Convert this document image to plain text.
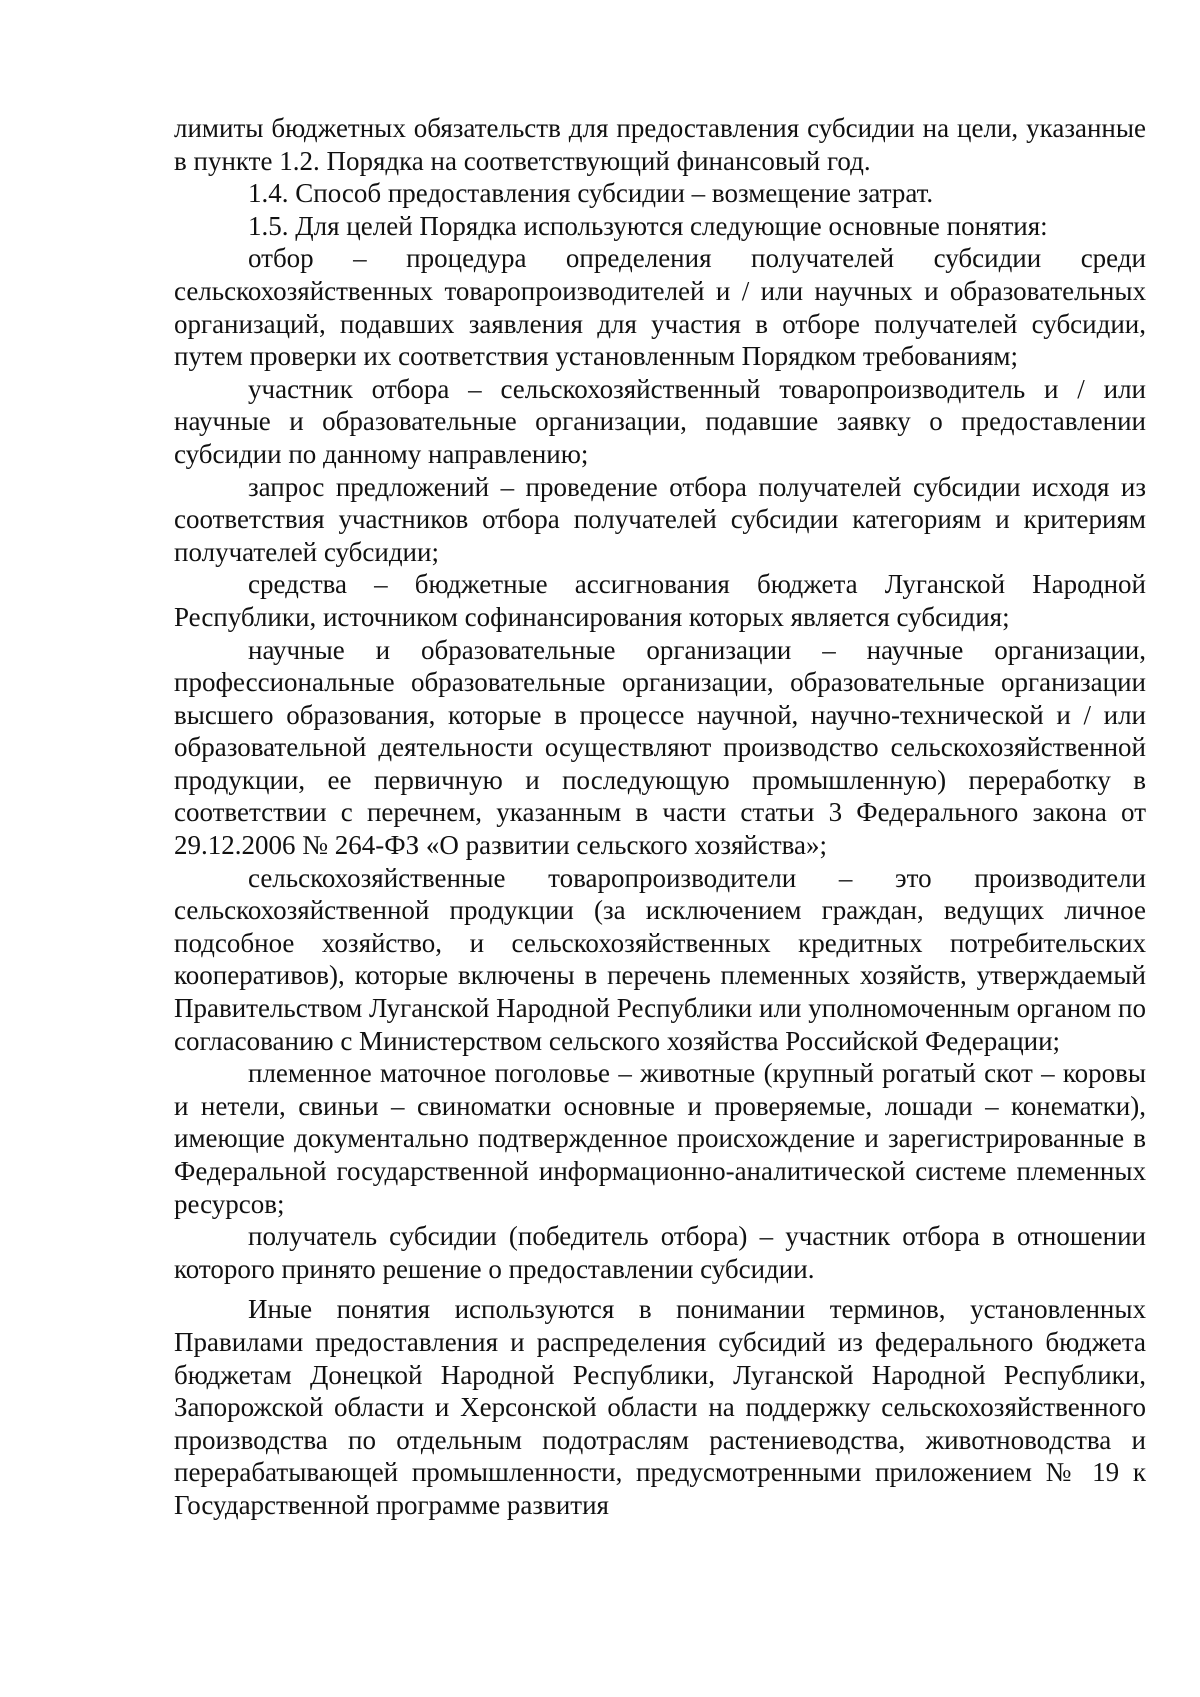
лимиты бюджетных обязательств для предоставления субсидии на цели, указанные в пункте 1.2. Порядка на соответствующий финансовый год.

1.4. Способ предоставления субсидии – возмещение затрат.

1.5. Для целей Порядка используются следующие основные понятия:

отбор – процедура определения получателей субсидии среди сельскохозяйственных товаропроизводителей и / или научных и образовательных организаций, подавших заявления для участия в отборе получателей субсидии, путем проверки их соответствия установленным Порядком требованиям;

участник отбора – сельскохозяйственный товаропроизводитель и / или научные и образовательные организации, подавшие заявку о предоставлении субсидии по данному направлению;

запрос предложений – проведение отбора получателей субсидии исходя из соответствия участников отбора получателей субсидии категориям и критериям получателей субсидии;

средства – бюджетные ассигнования бюджета Луганской Народной Республики, источником софинансирования которых является субсидия;

научные и образовательные организации – научные организации, профессиональные образовательные организации, образовательные организации высшего образования, которые в процессе научной, научно-технической и / или образовательной деятельности осуществляют производство сельскохозяйственной продукции, ее первичную и последующую промышленную) переработку в соответствии с перечнем, указанным в части статьи 3 Федерального закона от 29.12.2006 № 264-ФЗ «О развитии сельского хозяйства»;

сельскохозяйственные товаропроизводители – это производители сельскохозяйственной продукции (за исключением граждан, ведущих личное подсобное хозяйство, и сельскохозяйственных кредитных потребительских кооперативов), которые включены в перечень племенных хозяйств, утверждаемый Правительством Луганской Народной Республики или уполномоченным органом по согласованию с Министерством сельского хозяйства Российской Федерации;

племенное маточное поголовье – животные (крупный рогатый скот – коровы и нетели, свиньи – свиноматки основные и проверяемые, лошади – конематки), имеющие документально подтвержденное происхождение и зарегистрированные в Федеральной государственной информационно-аналитической системе племенных ресурсов;

получатель субсидии (победитель отбора) – участник отбора в отношении которого принято решение о предоставлении субсидии.

Иные понятия используются в понимании терминов, установленных Правилами предоставления и распределения субсидий из федерального бюджета бюджетам Донецкой Народной Республики, Луганской Народной Республики, Запорожской области и Херсонской области на поддержку сельскохозяйственного производства по отдельным подотраслям растениеводства, животноводства и перерабатывающей промышленности, предусмотренными приложением № 19 к Государственной программе развития
